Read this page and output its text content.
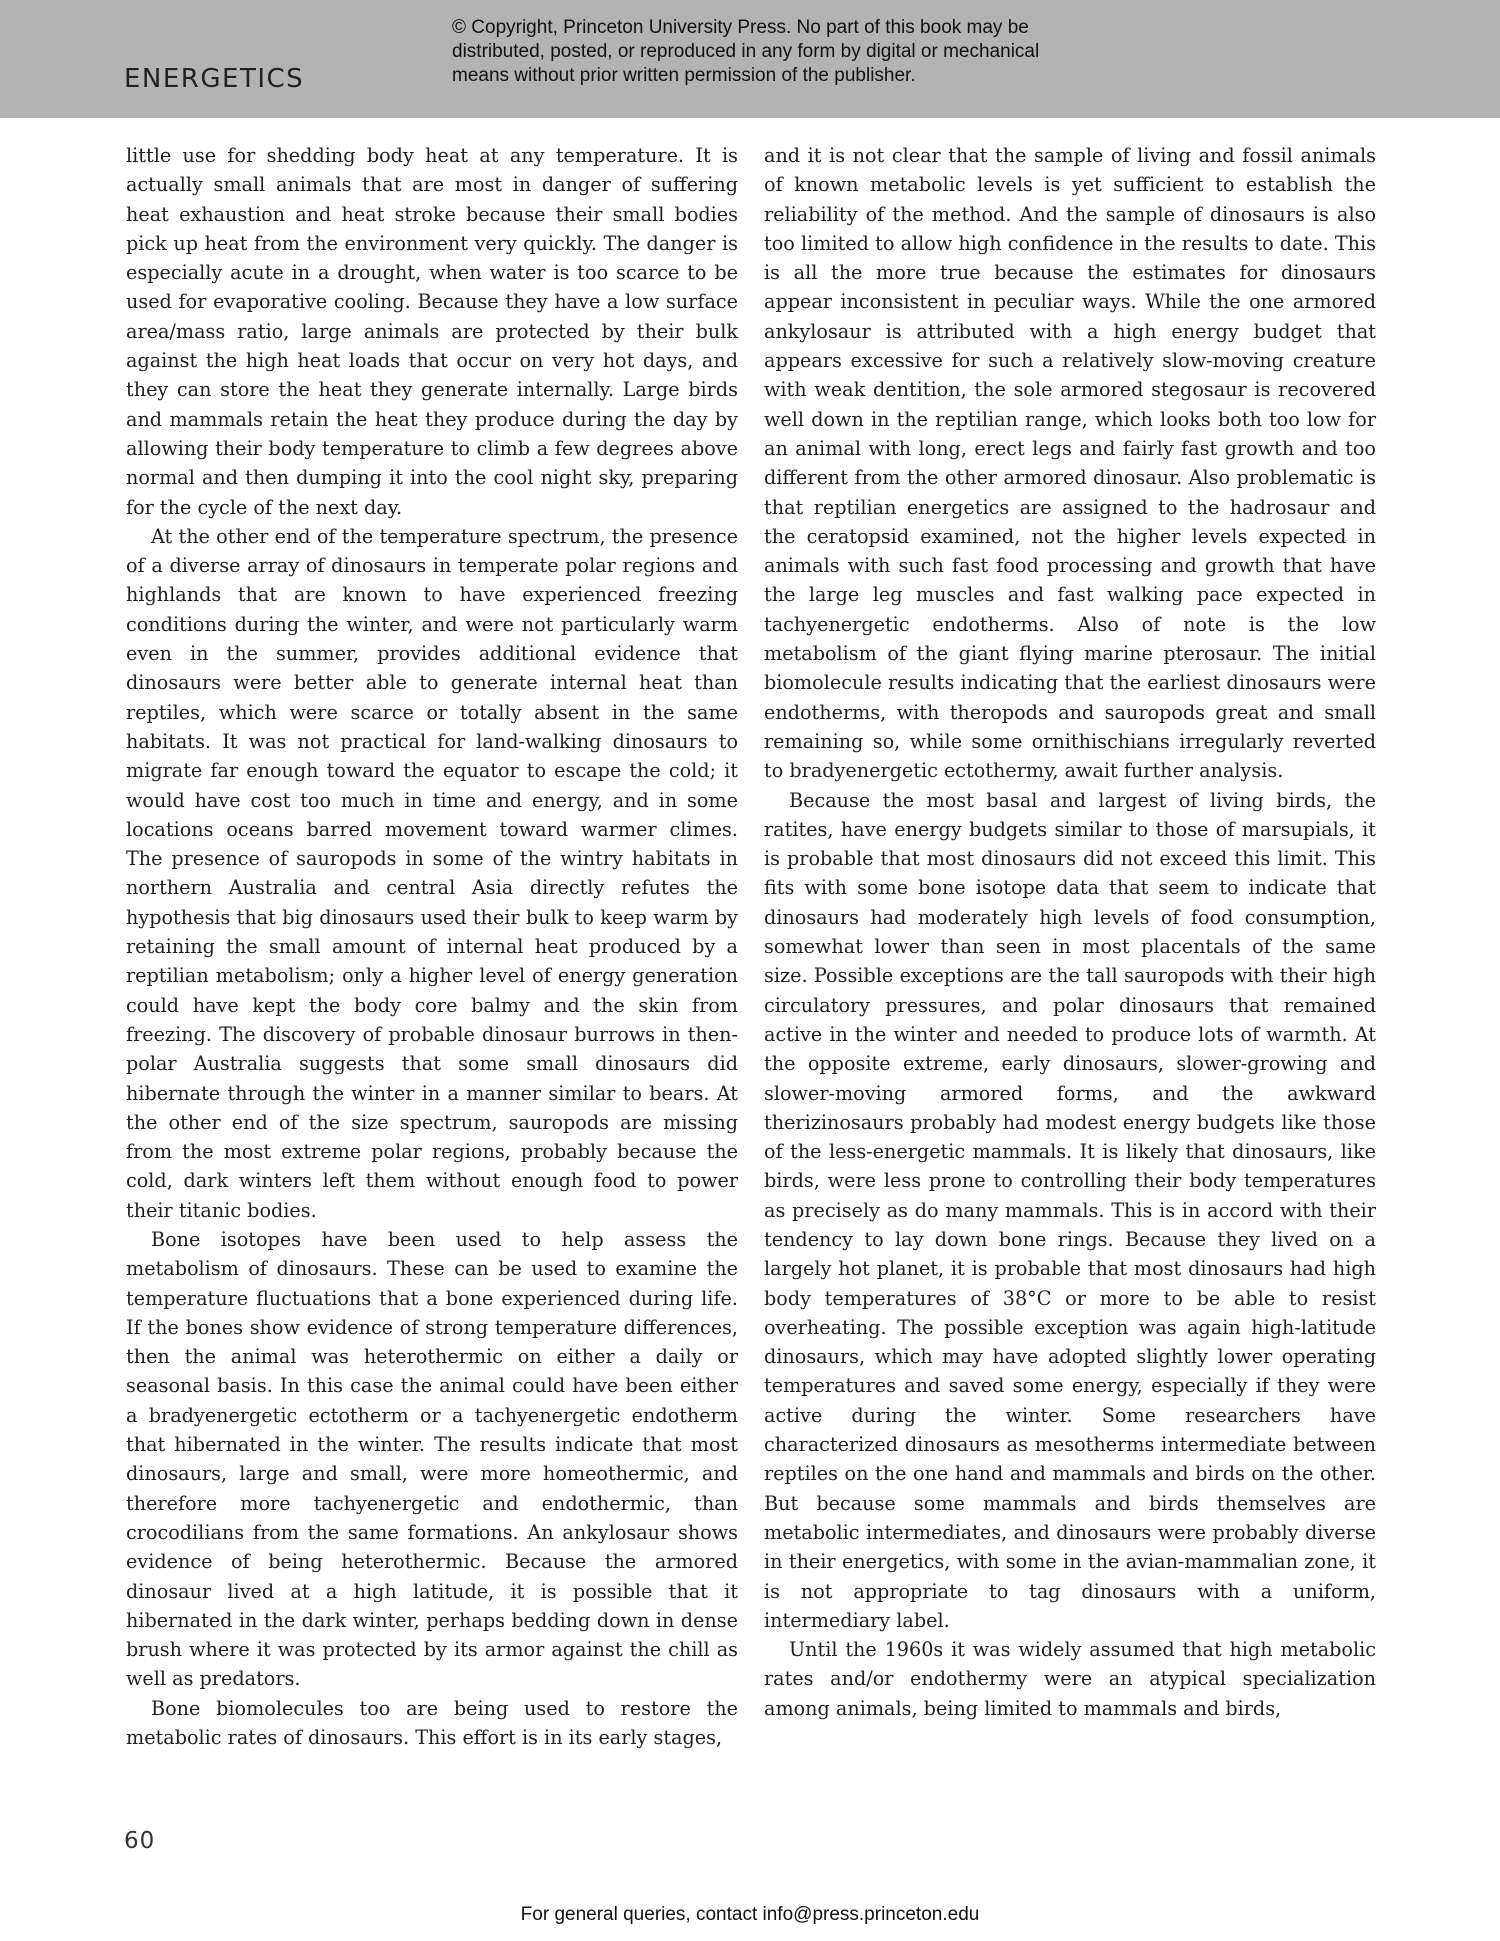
ENERGETICS

© Copyright, Princeton University Press. No part of this book may be distributed, posted, or reproduced in any form by digital or mechanical means without prior written permission of the publisher.

little use for shedding body heat at any temperature. It is actually small animals that are most in danger of suffering heat exhaustion and heat stroke because their small bodies pick up heat from the environment very quickly. The danger is especially acute in a drought, when water is too scarce to be used for evaporative cooling. Because they have a low surface area/mass ratio, large animals are protected by their bulk against the high heat loads that occur on very hot days, and they can store the heat they generate internally. Large birds and mammals retain the heat they produce during the day by allowing their body temperature to climb a few degrees above normal and then dumping it into the cool night sky, preparing for the cycle of the next day.

At the other end of the temperature spectrum, the presence of a diverse array of dinosaurs in temperate polar regions and highlands that are known to have experienced freezing conditions during the winter, and were not particularly warm even in the summer, provides additional evidence that dinosaurs were better able to generate internal heat than reptiles, which were scarce or totally absent in the same habitats. It was not practical for land-walking dinosaurs to migrate far enough toward the equator to escape the cold; it would have cost too much in time and energy, and in some locations oceans barred movement toward warmer climes. The presence of sauropods in some of the wintry habitats in northern Australia and central Asia directly refutes the hypothesis that big dinosaurs used their bulk to keep warm by retaining the small amount of internal heat produced by a reptilian metabolism; only a higher level of energy generation could have kept the body core balmy and the skin from freezing. The discovery of probable dinosaur burrows in then-polar Australia suggests that some small dinosaurs did hibernate through the winter in a manner similar to bears. At the other end of the size spectrum, sauropods are missing from the most extreme polar regions, probably because the cold, dark winters left them without enough food to power their titanic bodies.

Bone isotopes have been used to help assess the metabolism of dinosaurs. These can be used to examine the temperature fluctuations that a bone experienced during life. If the bones show evidence of strong temperature differences, then the animal was heterothermic on either a daily or seasonal basis. In this case the animal could have been either a bradyenergetic ectotherm or a tachyenergetic endotherm that hibernated in the winter. The results indicate that most dinosaurs, large and small, were more homeothermic, and therefore more tachyenergetic and endothermic, than crocodilians from the same formations. An ankylosaur shows evidence of being heterothermic. Because the armored dinosaur lived at a high latitude, it is possible that it hibernated in the dark winter, perhaps bedding down in dense brush where it was protected by its armor against the chill as well as predators.

Bone biomolecules too are being used to restore the metabolic rates of dinosaurs. This effort is in its early stages,

and it is not clear that the sample of living and fossil animals of known metabolic levels is yet sufficient to establish the reliability of the method. And the sample of dinosaurs is also too limited to allow high confidence in the results to date. This is all the more true because the estimates for dinosaurs appear inconsistent in peculiar ways. While the one armored ankylosaur is attributed with a high energy budget that appears excessive for such a relatively slow-moving creature with weak dentition, the sole armored stegosaur is recovered well down in the reptilian range, which looks both too low for an animal with long, erect legs and fairly fast growth and too different from the other armored dinosaur. Also problematic is that reptilian energetics are assigned to the hadrosaur and the ceratopsid examined, not the higher levels expected in animals with such fast food processing and growth that have the large leg muscles and fast walking pace expected in tachyenergetic endotherms. Also of note is the low metabolism of the giant flying marine pterosaur. The initial biomolecule results indicating that the earliest dinosaurs were endotherms, with theropods and sauropods great and small remaining so, while some ornithischians irregularly reverted to bradyenergetic ectothermy, await further analysis.

Because the most basal and largest of living birds, the ratites, have energy budgets similar to those of marsupials, it is probable that most dinosaurs did not exceed this limit. This fits with some bone isotope data that seem to indicate that dinosaurs had moderately high levels of food consumption, somewhat lower than seen in most placentals of the same size. Possible exceptions are the tall sauropods with their high circulatory pressures, and polar dinosaurs that remained active in the winter and needed to produce lots of warmth. At the opposite extreme, early dinosaurs, slower-growing and slower-moving armored forms, and the awkward therizinosaurs probably had modest energy budgets like those of the less-energetic mammals. It is likely that dinosaurs, like birds, were less prone to controlling their body temperatures as precisely as do many mammals. This is in accord with their tendency to lay down bone rings. Because they lived on a largely hot planet, it is probable that most dinosaurs had high body temperatures of 38°C or more to be able to resist overheating. The possible exception was again high-latitude dinosaurs, which may have adopted slightly lower operating temperatures and saved some energy, especially if they were active during the winter. Some researchers have characterized dinosaurs as mesotherms intermediate between reptiles on the one hand and mammals and birds on the other. But because some mammals and birds themselves are metabolic intermediates, and dinosaurs were probably diverse in their energetics, with some in the avian-mammalian zone, it is not appropriate to tag dinosaurs with a uniform, intermediary label.

Until the 1960s it was widely assumed that high metabolic rates and/or endothermy were an atypical specialization among animals, being limited to mammals and birds,

60

For general queries, contact info@press.princeton.edu
